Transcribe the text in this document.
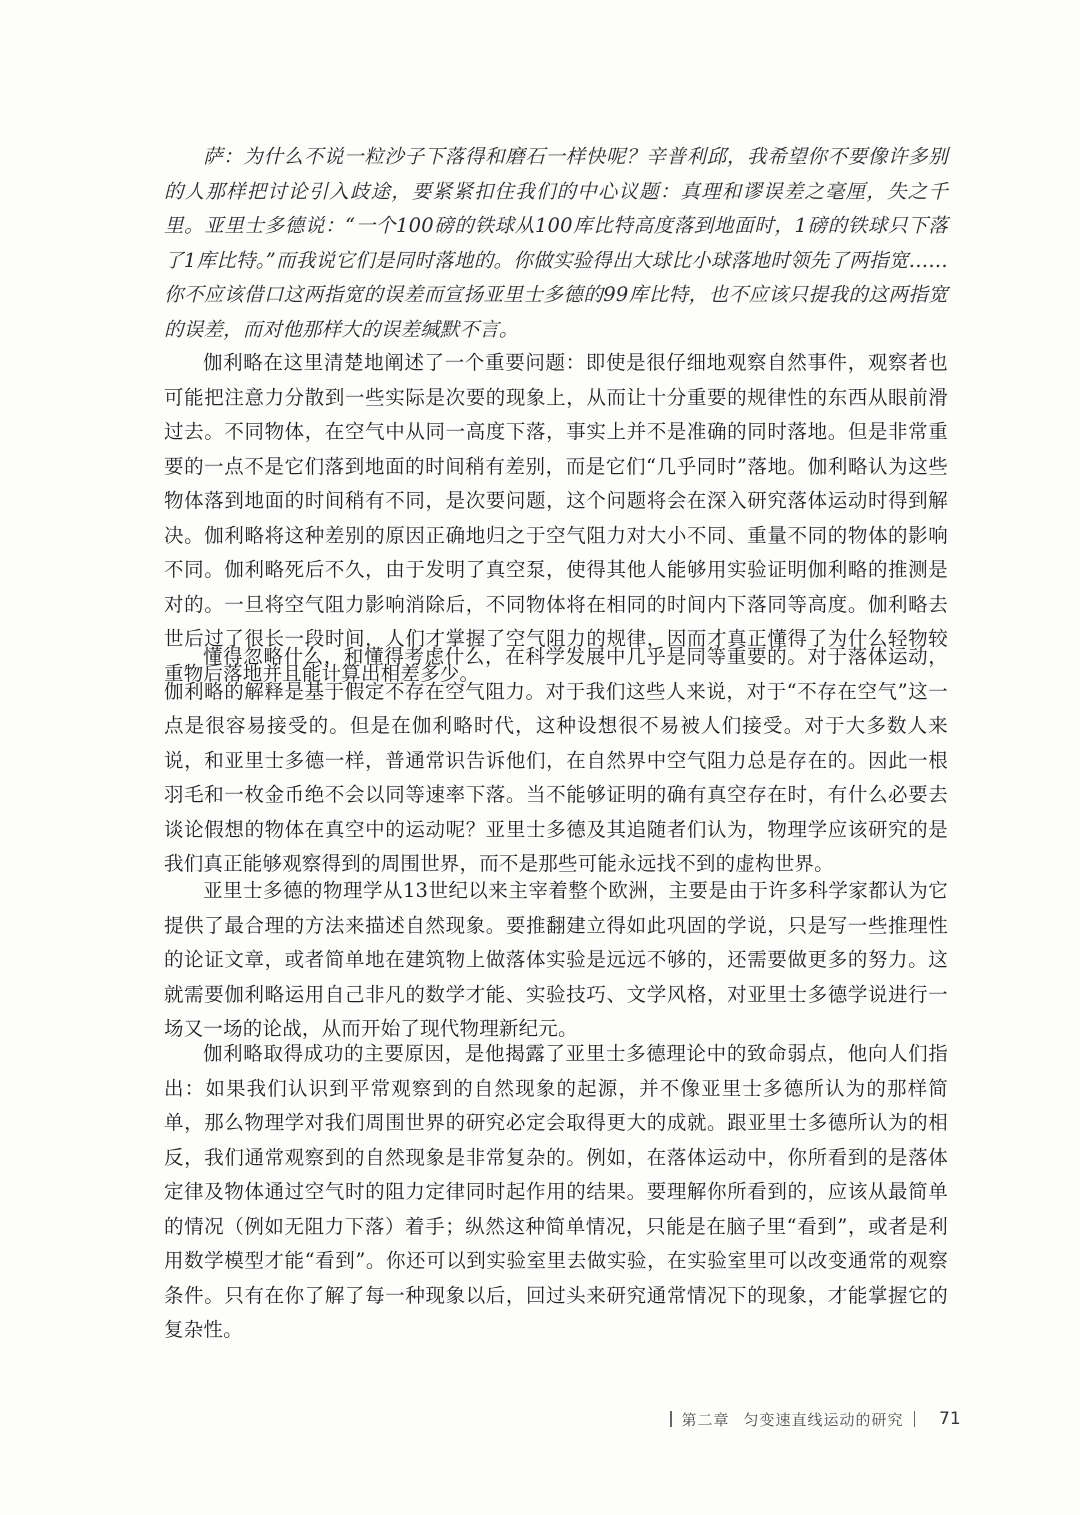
萨：为什么不说一粒沙子下落得和磨石一样快呢？辛普利邱，我希望你不要像许多别的人那样把讨论引入歧途，要紧紧扣住我们的中心议题：真理和谬误差之毫厘，失之千里。亚里士多德说：“一个100磅的铁球从100库比特高度落到地面时，1磅的铁球只下落了1库比特。”而我说它们是同时落地的。你做实验得出大球比小球落地时领先了两指宽……你不应该借口这两指宽的误差而宣扬亚里士多德的99库比特，也不应该只提我的这两指宽的误差，而对他那样大的误差缄默不言。

伽利略在这里清楚地阐述了一个重要问题：即使是很仔细地观察自然事件，观察者也可能把注意力分散到一些实际是次要的现象上，从而让十分重要的规律性的东西从眼前滑过去。不同物体，在空气中从同一高度下落，事实上并不是准确的同时落地。但是非常重要的一点不是它们落到地面的时间稍有差别，而是它们“几乎同时”落地。伽利略认为这些物体落到地面的时间稍有不同，是次要问题，这个问题将会在深入研究落体运动时得到解决。伽利略将这种差别的原因正确地归之于空气阻力对大小不同、重量不同的物体的影响不同。伽利略死后不久，由于发明了真空泵，使得其他人能够用实验证明伽利略的推测是对的。一旦将空气阻力影响消除后，不同物体将在相同的时间内下落同等高度。伽利略去世后过了很长一段时间，人们才掌握了空气阻力的规律，因而才真正懂得了为什么轻物较重物后落地并且能计算出相差多少。

懂得忽略什么，和懂得考虑什么，在科学发展中几乎是同等重要的。对于落体运动，伽利略的解释是基于假定不存在空气阻力。对于我们这些人来说，对于“不存在空气”这一点是很容易接受的。但是在伽利略时代，这种设想很不易被人们接受。对于大多数人来说，和亚里士多德一样，普通常识告诉他们，在自然界中空气阻力总是存在的。因此一根羽毛和一枚金币绝不会以同等速率下落。当不能够证明的确有真空存在时，有什么必要去谈论假想的物体在真空中的运动呢？亚里士多德及其追随者们认为，物理学应该研究的是我们真正能够观察得到的周围世界，而不是那些可能永远找不到的虚构世界。

亚里士多德的物理学从13世纪以来主宰着整个欧洲，主要是由于许多科学家都认为它提供了最合理的方法来描述自然现象。要推翻建立得如此巩固的学说，只是写一些推理性的论证文章，或者简单地在建筑物上做落体实验是远远不够的，还需要做更多的努力。这就需要伽利略运用自己非凡的数学才能、实验技巧、文学风格，对亚里士多德学说进行一场又一场的论战，从而开始了现代物理新纪元。

伽利略取得成功的主要原因，是他揭露了亚里士多德理论中的致命弱点，他向人们指出：如果我们认识到平常观察到的自然现象的起源，并不像亚里士多德所认为的那样简单，那么物理学对我们周围世界的研究必定会取得更大的成就。跟亚里士多德所认为的相反，我们通常观察到的自然现象是非常复杂的。例如，在落体运动中，你所看到的是落体定律及物体通过空气时的阻力定律同时起作用的结果。要理解你所看到的，应该从最简单的情况（例如无阻力下落）着手；纵然这种简单情况，只能是在脑子里“看到”，或者是利用数学模型才能“看到”。你还可以到实验室里去做实验，在实验室里可以改变通常的观察条件。只有在你了解了每一种现象以后，回过头来研究通常情况下的现象，才能掌握它的复杂性。

第二章 匀变速直线运动的研究 71
